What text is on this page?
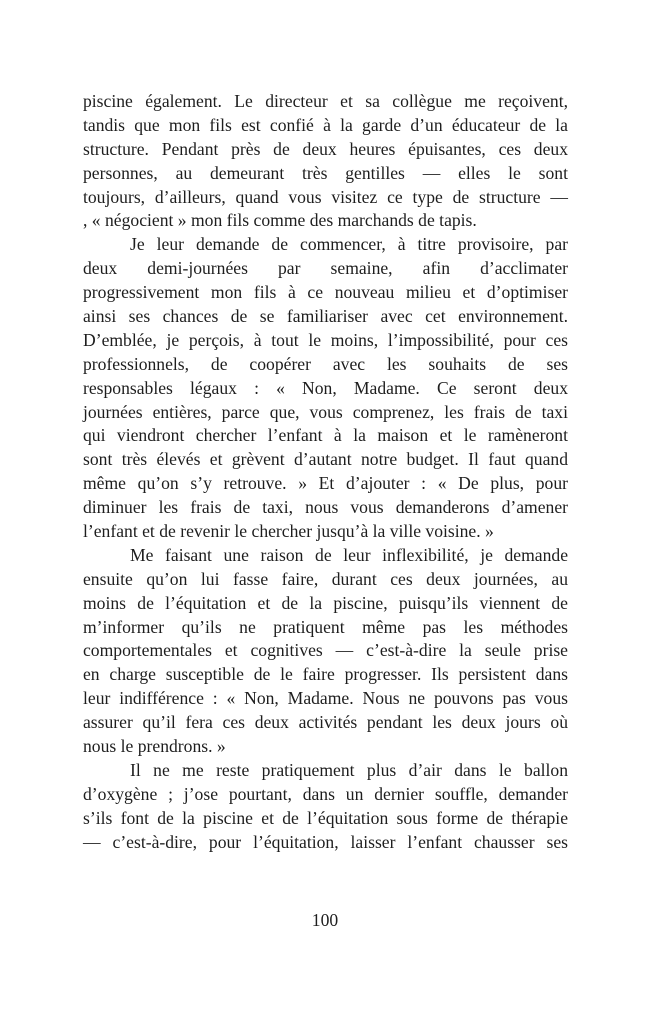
piscine également. Le directeur et sa collègue me reçoivent,
tandis que mon fils est confié à la garde d’un éducateur de la
structure. Pendant près de deux heures épuisantes, ces deux
personnes, au demeurant très gentilles — elles le sont
toujours, d’ailleurs, quand vous visitez ce type de structure —
, « négocient » mon fils comme des marchands de tapis.
Je leur demande de commencer, à titre provisoire, par
deux demi-journées par semaine, afin d’acclimater
progressivement mon fils à ce nouveau milieu et d’optimiser
ainsi ses chances de se familiariser avec cet environnement.
D’emblée, je perçois, à tout le moins, l’impossibilité, pour ces
professionnels, de coopérer avec les souhaits de ses
responsables légaux : « Non, Madame. Ce seront deux
journées entières, parce que, vous comprenez, les frais de taxi
qui viendront chercher l’enfant à la maison et le ramèneront
sont très élevés et grèvent d’autant notre budget. Il faut quand
même qu’on s’y retrouve. » Et d’ajouter : « De plus, pour
diminuer les frais de taxi, nous vous demanderons d’amener
l’enfant et de revenir le chercher jusqu’à la ville voisine. »
Me faisant une raison de leur inflexibilité, je demande
ensuite qu’on lui fasse faire, durant ces deux journées, au
moins de l’équitation et de la piscine, puisqu’ils viennent de
m’informer qu’ils ne pratiquent même pas les méthodes
comportementales et cognitives — c’est-à-dire la seule prise
en charge susceptible de le faire progresser. Ils persistent dans
leur indifférence : « Non, Madame. Nous ne pouvons pas vous
assurer qu’il fera ces deux activités pendant les deux jours où
nous le prendrons. »
Il ne me reste pratiquement plus d’air dans le ballon
d’oxygène ; j’ose pourtant, dans un dernier souffle, demander
s’ils font de la piscine et de l’équitation sous forme de thérapie
— c’est-à-dire, pour l’équitation, laisser l’enfant chausser ses
100
